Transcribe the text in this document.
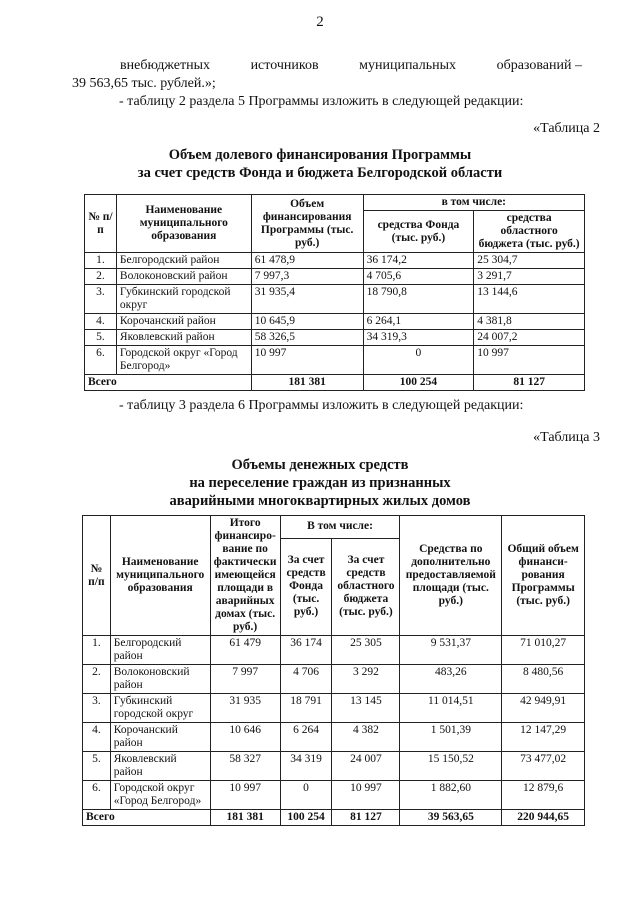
2
внебюджетных	источников	муниципальных	образований –
39 563,65 тыс. рублей.»;
- таблицу 2 раздела 5 Программы изложить в следующей редакции:
«Таблица 2
Объем долевого финансирования Программы
за счет средств Фонда и бюджета Белгородской области
№ п/п	Наименование муниципального образования	Объем финансирования Программы (тыс. руб.)	в том числе:	
			средства Фонда (тыс. руб.)	средства областного бюджета (тыс. руб.)
1.	Белгородский район	61 478,9	36 174,2	25 304,7
2.	Волоконовский район	7 997,3	4 705,6	3 291,7
3.	Губкинский городской округ	31 935,4	18 790,8	13 144,6
4.	Корочанский район	10 645,9	6 264,1	4 381,8
5.	Яковлевский район	58 326,5	34 319,3	24 007,2
6.	Городской округ «Город Белгород»	10 997	0	10 997
Всего		181 381	100 254	81 127
- таблицу 3 раздела 6 Программы изложить в следующей редакции:
«Таблица 3
Объемы денежных средств
на переселение граждан из признанных
аварийными многоквартирных жилых домов
№ п/п	Наименование муниципального образования	Итого финансиро-вание по фактически имеющейся площади в аварийных домах (тыс. руб.)	В том числе:		Средства по дополнительно предоставляемой площади (тыс. руб.)	Общий объем финанси-рования Программы (тыс. руб.)
			За счет средств Фонда (тыс. руб.)	За счет средств областного бюджета (тыс. руб.)		
1.	Белгородский район	61 479	36 174	25 305	9 531,37	71 010,27
2.	Волоконовский район	7 997	4 706	3 292	483,26	8 480,56
3.	Губкинский городской округ	31 935	18 791	13 145	11 014,51	42 949,91
4.	Корочанский район	10 646	6 264	4 382	1 501,39	12 147,29
5.	Яковлевский район	58 327	34 319	24 007	15 150,52	73 477,02
6.	Городской округ «Город Белгород»	10 997	0	10 997	1 882,60	12 879,6
Всего		181 381	100 254	81 127	39 563,65	220 944,65
